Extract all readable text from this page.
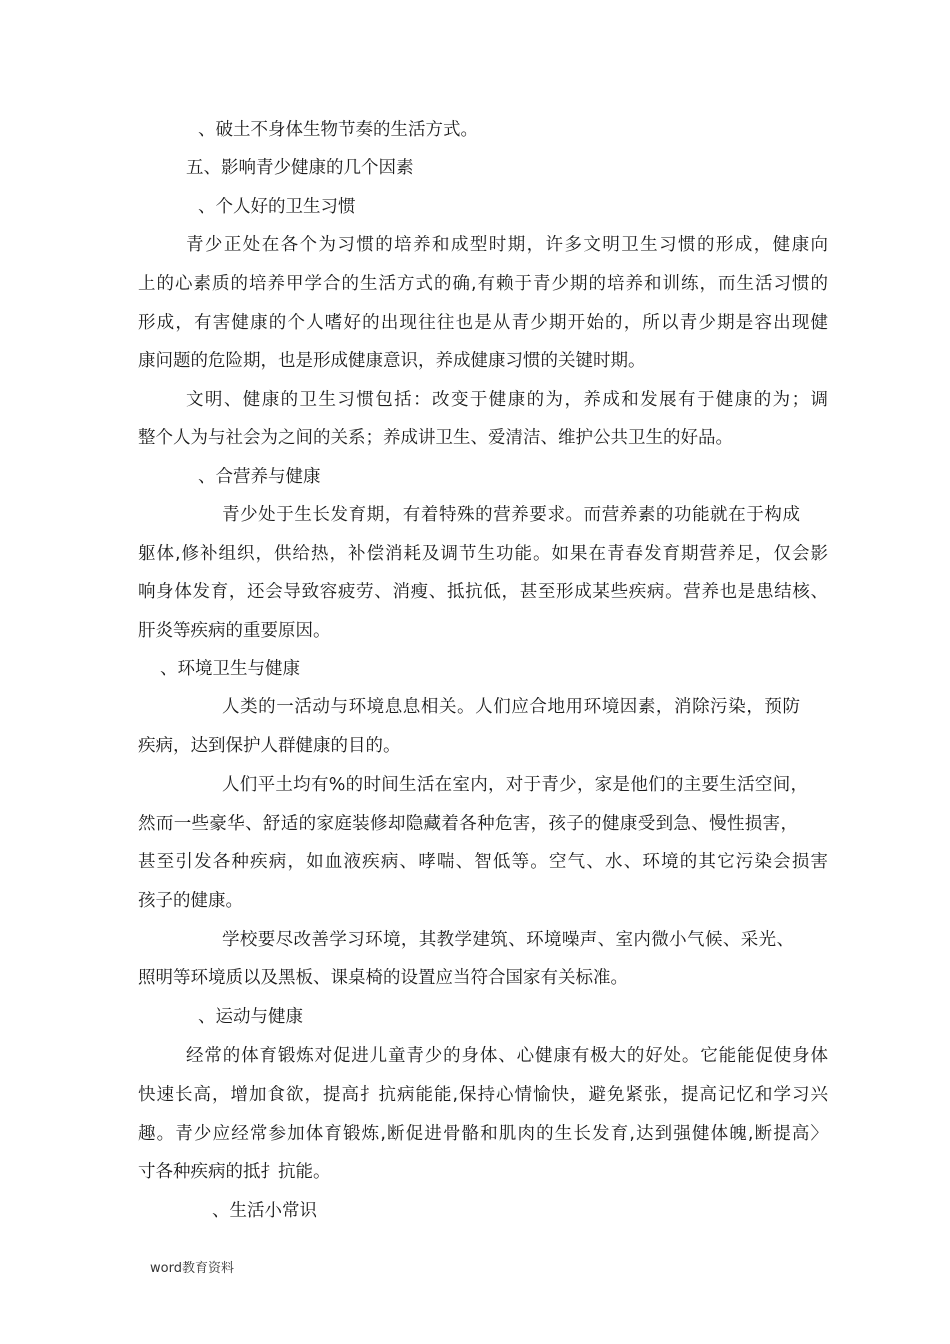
、破土不身体生物节奏的生活方式。

五、影响青少健康的几个因素

、个人好的卫生习惯

青少正处在各个为习惯的培养和成型时期，许多文明卫生习惯的形成，健康向

上的心素质的培养甲学合的生活方式的确,有赖于青少期的培养和训练，而生活习惯的

形成，有害健康的个人嗜好的出现往往也是从青少期开始的，所以青少期是容出现健

康问题的危险期，也是形成健康意识，养成健康习惯的关键时期。

文明、健康的卫生习惯包括：改变于健康的为，养成和发展有于健康的为；调

整个人为与社会为之间的关系；养成讲卫生、爱清洁、维护公共卫生的好品。

、合营养与健康

青少处于生长发育期，有着特殊的营养要求。而营养素的功能就在于构成

躯体,修补组织，供给热，补偿消耗及调节生功能。如果在青春发育期营养足，仅会影

响身体发育，还会导致容疲劳、消瘦、抵抗低，甚至形成某些疾病。营养也是患结核、

肝炎等疾病的重要原因。

、环境卫生与健康

人类的一活动与环境息息相关。人们应合地用环境因素，消除污染，预防

疾病，达到保护人群健康的目的。

人们平土均有%的时间生活在室内，对于青少，家是他们的主要生活空间，

然而一些豪华、舒适的家庭装修却隐藏着各种危害，孩子的健康受到急、慢性损害，

甚至引发各种疾病，如血液疾病、哮喘、智低等。空气、水、环境的其它污染会损害

孩子的健康。

学校要尽改善学习环境，其教学建筑、环境噪声、室内微小气候、采光、

照明等环境质以及黑板、课桌椅的设置应当符合国家有关标准。

、运动与健康

经常的体育锻炼对促进儿童青少的身体、心健康有极大的好处。它能能促使身体

快速长高，增加食欲，提高扌抗病能能,保持心情愉快，避免紧张，提高记忆和学习兴

趣。青少应经常参加体育锻炼,断促进骨骼和肌肉的生长发育,达到强健体魄,断提高〉

寸各种疾病的抵扌抗能。

、生活小常识

word教育资料
